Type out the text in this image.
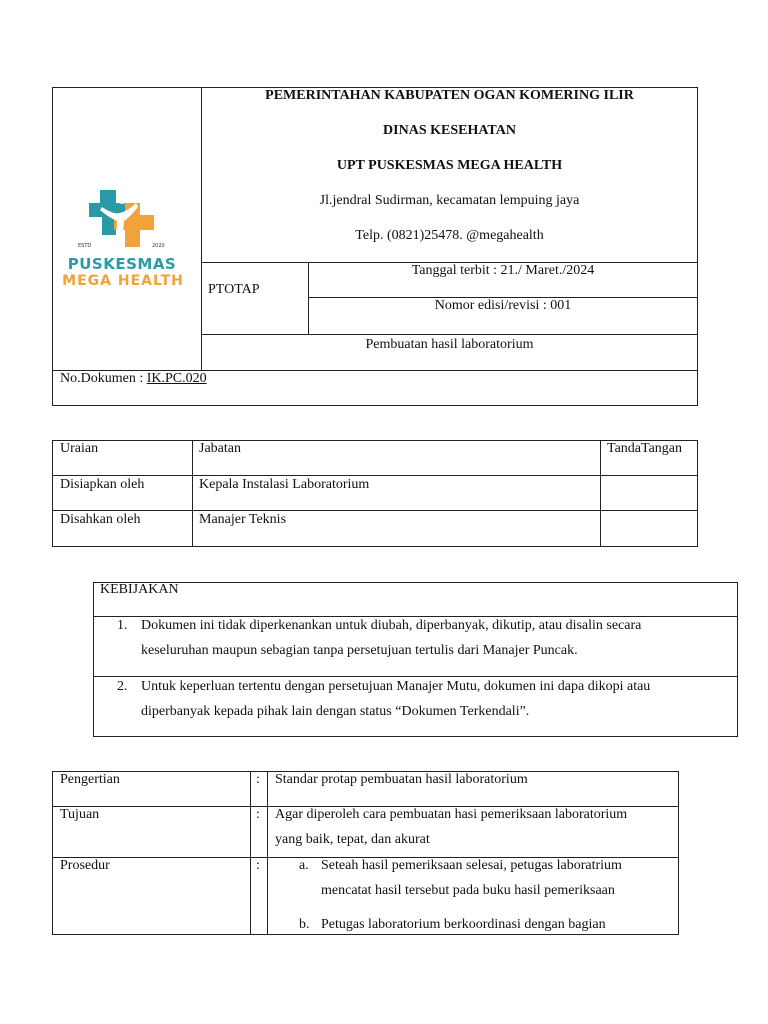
PEMERINTAHAN KABUPATEN OGAN KOMERING ILIR
DINAS KESEHATAN
UPT PUSKESMAS MEGA HEALTH
Jl.jendral Sudirman, kecamatan lempuing jaya
Telp. (0821)25478. @megahealth
PTOTAP
Tanggal terbit : 21./ Maret./2024
Nomor edisi/revisi : 001
Pembuatan hasil laboratorium
No.Dokumen : IK.PC.020
ESTD	2020
PUSKESMAS
MEGA HEALTH
Uraian	Jabatan	TandaTangan
Disiapkan oleh	Kepala Instalasi Laboratorium
Disahkan oleh	Manajer Teknis
KEBIJAKAN
1. Dokumen ini tidak diperkenankan untuk diubah, diperbanyak, dikutip, atau disalin secara
keseluruhan maupun sebagian tanpa persetujuan tertulis dari Manajer Puncak.
2. Untuk keperluan tertentu dengan persetujuan Manajer Mutu, dokumen ini dapa dikopi atau
diperbanyak kepada pihak lain dengan status “Dokumen Terkendali”.
Pengertian	: Standar protap pembuatan hasil laboratorium
Tujuan	: Agar diperoleh cara pembuatan hasi pemeriksaan laboratorium
yang baik, tepat, dan akurat
Prosedur	:	a. Seteah hasil pemeriksaan selesai, petugas laboratrium
mencatat hasil tersebut pada buku hasil pemeriksaan
b. Petugas laboratorium berkoordinasi dengan bagian
